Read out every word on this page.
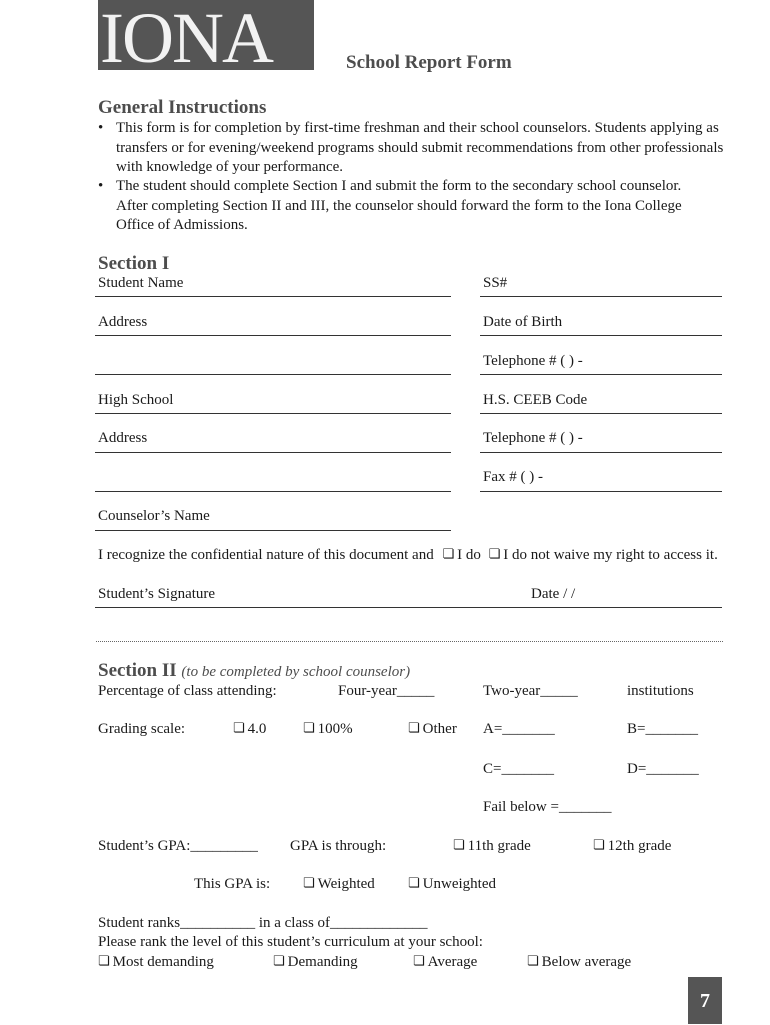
IONA	School Report Form
General Instructions
• This form is for completion by first-time freshman and their school counselors. Students applying as
transfers or for evening/weekend programs should submit recommendations from other professionals
with knowledge of your performance.
• The student should complete Section I and submit the form to the secondary school counselor.
After completing Section II and III, the counselor should forward the form to the Iona College
Office of Admissions.
Section I
Student Name	SS#
Address	Date of Birth
Telephone # ( ) -
High School	H.S. CEEB Code
Address	Telephone # ( ) -
Fax # ( ) -
Counselor’s Name
I recognize the confidential nature of this document and ❏ I do ❏ I do not waive my right to access it.
Student’s Signature	Date / /
Section II (to be completed by school counselor)
Percentage of class attending:	Four-year_____	Two-year_____	institutions
Grading scale:	❏ 4.0	❏ 100%	❏ Other A=_______	B=_______
C=_______	D=_______
Fail below =_______
Student’s GPA:_________ GPA is through:	❏ 11th grade	❏ 12th grade
This GPA is:	❏ Weighted	❏ Unweighted
Student ranks__________ in a class of_____________
Please rank the level of this student’s curriculum at your school:
❏ Most demanding	❏ Demanding	❏ Average	❏ Below average
7
